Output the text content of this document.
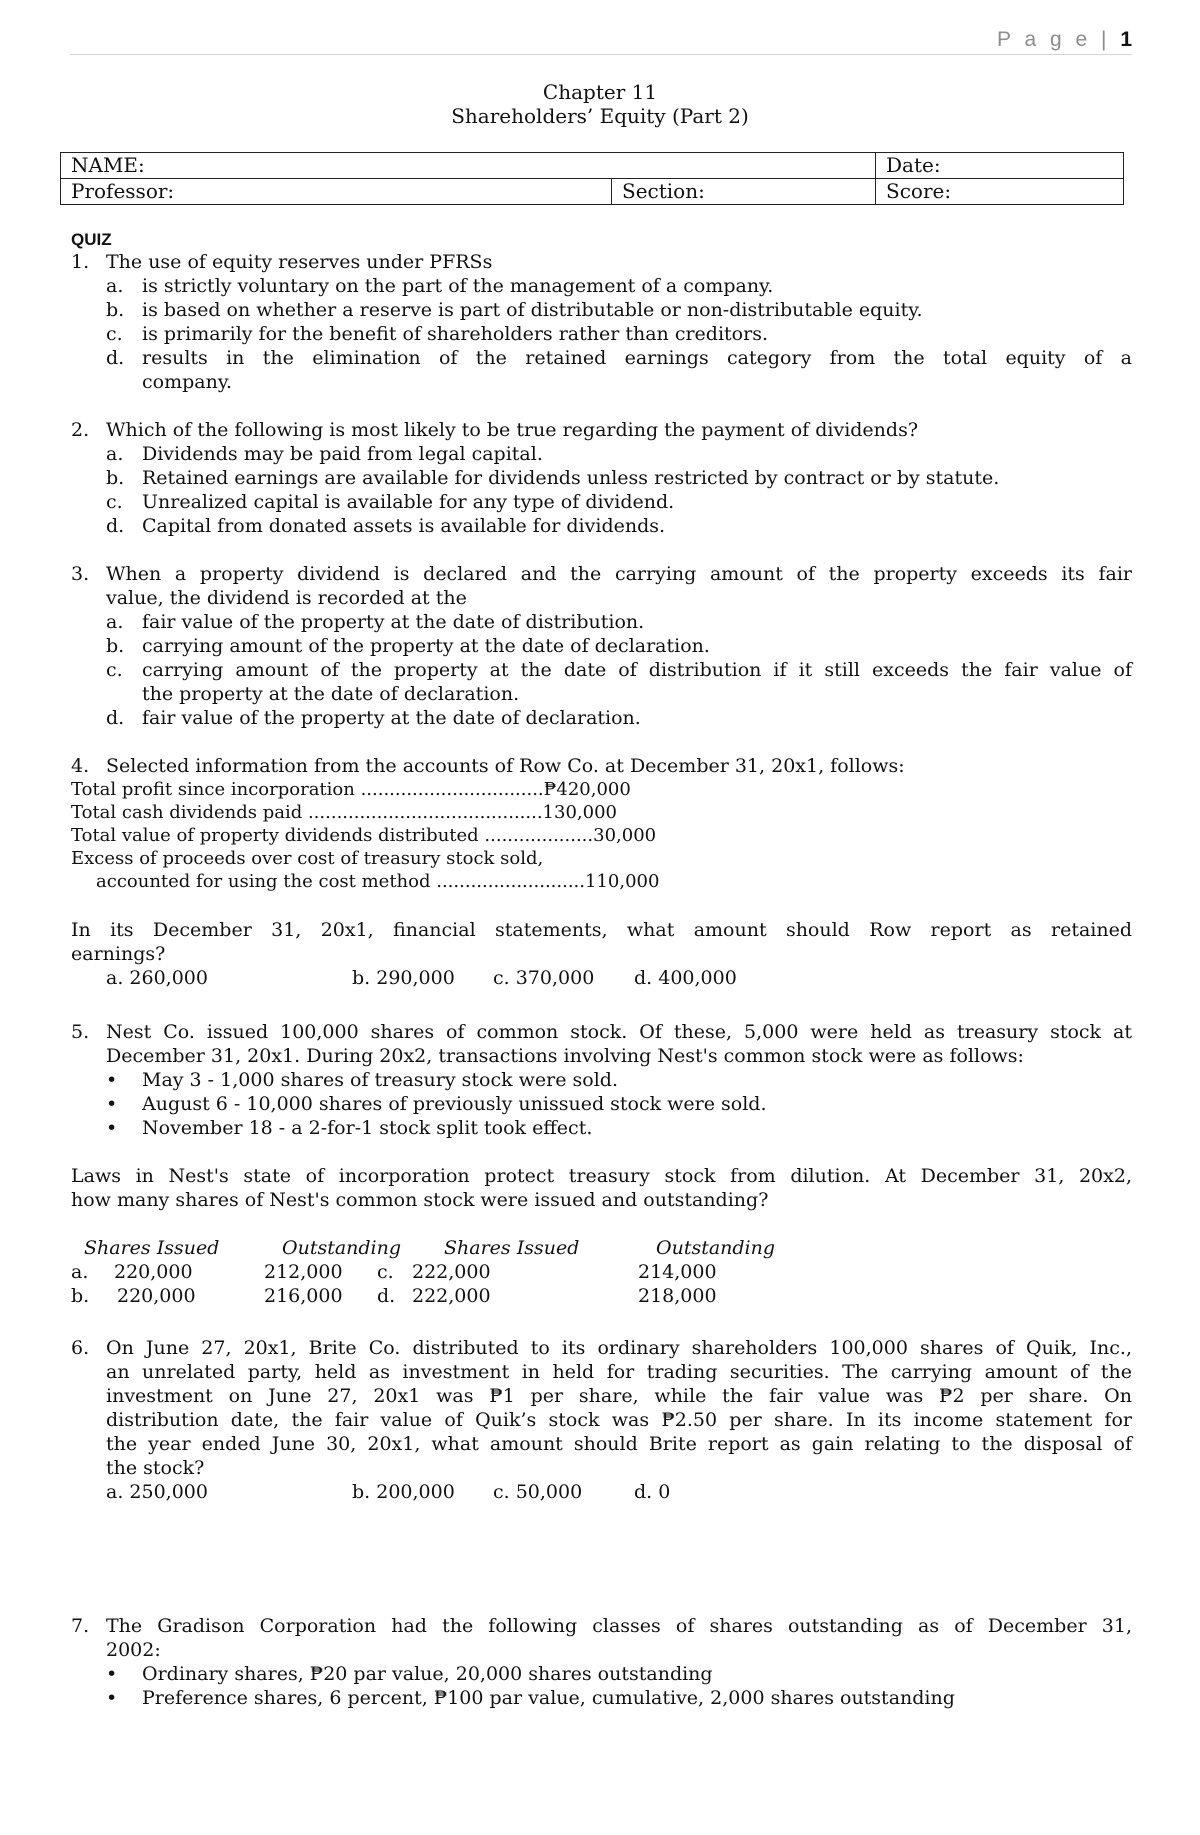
P a g e | 1
Chapter 11
Shareholders’ Equity (Part 2)
NAME:		Date:
Professor:	Section:	Score:
QUIZ
1. The use of equity reserves under PFRSs
a. is strictly voluntary on the part of the management of a company.
b. is based on whether a reserve is part of distributable or non-distributable equity.
c. is primarily for the benefit of shareholders rather than creditors.
d. results in the elimination of the retained earnings category from the total equity of a
company.
2. Which of the following is most likely to be true regarding the payment of dividends?
a. Dividends may be paid from legal capital.
b. Retained earnings are available for dividends unless restricted by contract or by statute.
c. Unrealized capital is available for any type of dividend.
d. Capital from donated assets is available for dividends.
3. When a property dividend is declared and the carrying amount of the property exceeds its fair
value, the dividend is recorded at the
a. fair value of the property at the date of distribution.
b. carrying amount of the property at the date of declaration.
c. carrying amount of the property at the date of distribution if it still exceeds the fair value of
the property at the date of declaration.
d. fair value of the property at the date of declaration.
4. Selected information from the accounts of Row Co. at December 31, 20x1, follows:
Total profit since incorporation ................................₱420,000
Total cash dividends paid .........................................130,000
Total value of property dividends distributed ...................30,000
Excess of proceeds over cost of treasury stock sold,
accounted for using the cost method ..........................110,000
In its December 31, 20x1, financial statements, what amount should Row report as retained
earnings?
a. 260,000	b. 290,000 c. 370,000 d. 400,000
5. Nest Co. issued 100,000 shares of common stock. Of these, 5,000 were held as treasury stock at
December 31, 20x1. During 20x2, transactions involving Nest's common stock were as follows:
• May 3 - 1,000 shares of treasury stock were sold.
• August 6 - 10,000 shares of previously unissued stock were sold.
• November 18 - a 2-for-1 stock split took effect.
Laws in Nest's state of incorporation protect treasury stock from dilution. At December 31, 20x2,
how many shares of Nest's common stock were issued and outstanding?
Shares Issued	Outstanding Shares Issued	Outstanding
a. 220,000	212,000 c. 222,000	214,000
b. 220,000	216,000 d. 222,000	218,000
6. On June 27, 20x1, Brite Co. distributed to its ordinary shareholders 100,000 shares of Quik, Inc.,
an unrelated party, held as investment in held for trading securities. The carrying amount of the
investment on June 27, 20x1 was ₱1 per share, while the fair value was ₱2 per share. On
distribution date, the fair value of Quik’s stock was ₱2.50 per share. In its income statement for
the year ended June 30, 20x1, what amount should Brite report as gain relating to the disposal of
the stock?
a. 250,000	b. 200,000 c. 50,000	d. 0
7. The Gradison Corporation had the following classes of shares outstanding as of December 31,
2002:
• Ordinary shares, ₱20 par value, 20,000 shares outstanding
• Preference shares, 6 percent, ₱100 par value, cumulative, 2,000 shares outstanding
